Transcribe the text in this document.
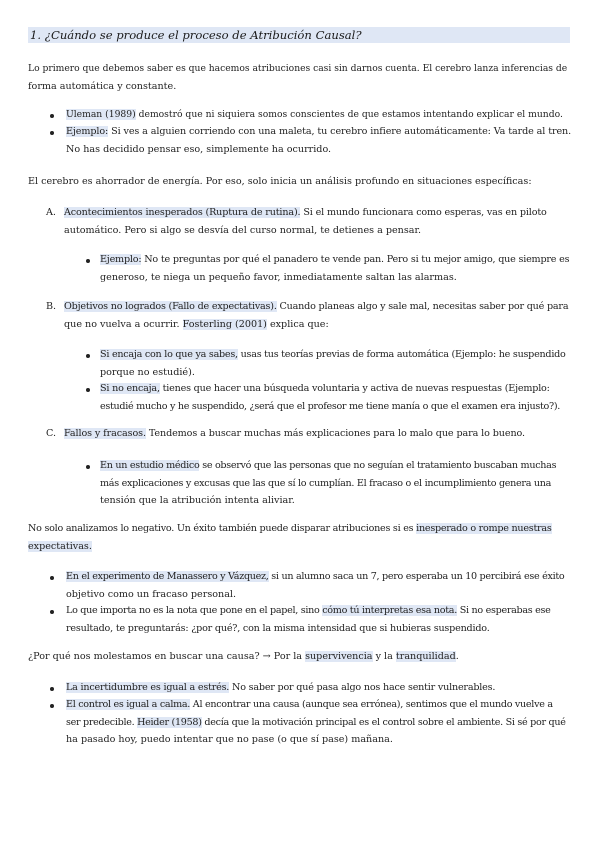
1. ¿Cuándo se produce el proceso de Atribución Causal?
Lo primero que debemos saber es que hacemos atribuciones casi sin darnos cuenta. El cerebro lanza inferencias de
forma automática y constante.
Uleman (1989) demostró que ni siquiera somos conscientes de que estamos intentando explicar el mundo.
Ejemplo: Si ves a alguien corriendo con una maleta, tu cerebro infiere automáticamente: Va tarde al tren.
No has decidido pensar eso, simplemente ha ocurrido.
El cerebro es ahorrador de energía. Por eso, solo inicia un análisis profundo en situaciones específicas:
A. Acontecimientos inesperados (Ruptura de rutina). Si el mundo funcionara como esperas, vas en piloto
automático. Pero si algo se desvía del curso normal, te detienes a pensar.
Ejemplo: No te preguntas por qué el panadero te vende pan. Pero si tu mejor amigo, que siempre es
generoso, te niega un pequeño favor, inmediatamente saltan las alarmas.
B. Objetivos no logrados (Fallo de expectativas). Cuando planeas algo y sale mal, necesitas saber por qué para
que no vuelva a ocurrir. Fosterling (2001) explica que:
Si encaja con lo que ya sabes, usas tus teorías previas de forma automática (Ejemplo: he suspendido
porque no estudié).
Si no encaja, tienes que hacer una búsqueda voluntaria y activa de nuevas respuestas (Ejemplo:
estudié mucho y he suspendido, ¿será que el profesor me tiene manía o que el examen era injusto?).
C. Fallos y fracasos. Tendemos a buscar muchas más explicaciones para lo malo que para lo bueno.
En un estudio médico se observó que las personas que no seguían el tratamiento buscaban muchas
más explicaciones y excusas que las que sí lo cumplían. El fracaso o el incumplimiento genera una
tensión que la atribución intenta aliviar.
No solo analizamos lo negativo. Un éxito también puede disparar atribuciones si es inesperado o rompe nuestras
expectativas.
En el experimento de Manassero y Vázquez, si un alumno saca un 7, pero esperaba un 10 percibirá ese éxito
objetivo como un fracaso personal.
Lo que importa no es la nota que pone en el papel, sino cómo tú interpretas esa nota. Si no esperabas ese
resultado, te preguntarás: ¿por qué?, con la misma intensidad que si hubieras suspendido.
¿Por qué nos molestamos en buscar una causa? → Por la supervivencia y la tranquilidad.
La incertidumbre es igual a estrés. No saber por qué pasa algo nos hace sentir vulnerables.
El control es igual a calma. Al encontrar una causa (aunque sea errónea), sentimos que el mundo vuelve a
ser predecible. Heider (1958) decía que la motivación principal es el control sobre el ambiente. Si sé por qué
ha pasado hoy, puedo intentar que no pase (o que sí pase) mañana.
